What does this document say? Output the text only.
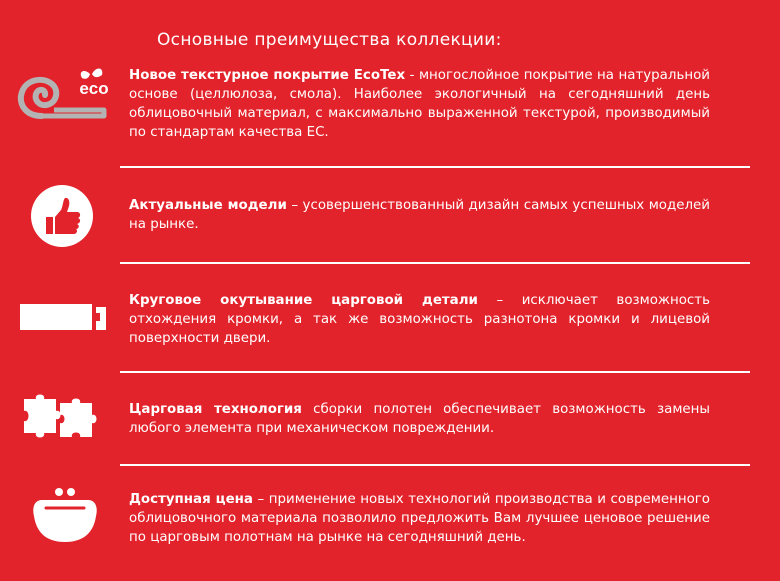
Основные преимущества коллекции:
eco

Новое текстурное покрытие EcoTex - многослойное покрытие на натуральной основе (целлюлоза, смола). Наиболее экологичный на сегодняшний день облицовочный материал, с максимально выраженной текстурой, производимый по стандартам качества ЕС.

Актуальные модели – усовершенствованный дизайн самых успешных моделей на рынке.

Круговое окутывание царговой детали – исключает возможность отхождения кромки, а так же возможность разнотона кромки и лицевой поверхности двери.

Царговая технология сборки полотен обеспечивает возможность замены любого элемента при механическом повреждении.

Доступная цена – применение новых технологий производства и современного облицовочного материала позволило предложить Вам лучшее ценовое решение по царговым полотнам на рынке на сегодняшний день.
